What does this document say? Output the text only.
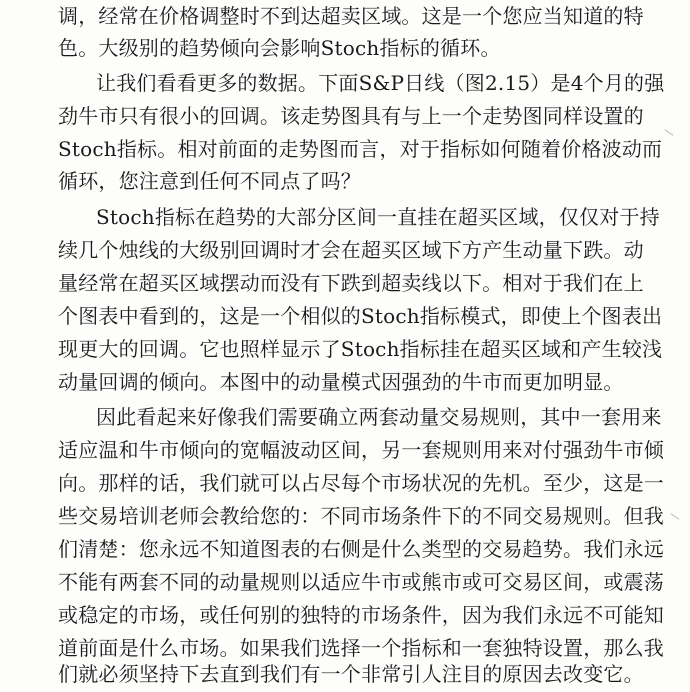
调，经常在价格调整时不到达超卖区域。这是一个您应当知道的特
色。大级别的趋势倾向会影响Stoch指标的循环。
让我们看看更多的数据。下面S&P日线（图2.15）是4个月的强
劲牛市只有很小的回调。该走势图具有与上一个走势图同样设置的
Stoch指标。相对前面的走势图而言，对于指标如何随着价格波动而
循环，您注意到任何不同点了吗？
Stoch指标在趋势的大部分区间一直挂在超买区域，仅仅对于持
续几个烛线的大级别回调时才会在超买区域下方产生动量下跌。动
量经常在超买区域摆动而没有下跌到超卖线以下。相对于我们在上
个图表中看到的，这是一个相似的Stoch指标模式，即使上个图表出
现更大的回调。它也照样显示了Stoch指标挂在超买区域和产生较浅
动量回调的倾向。本图中的动量模式因强劲的牛市而更加明显。
因此看起来好像我们需要确立两套动量交易规则，其中一套用来
适应温和牛市倾向的宽幅波动区间，另一套规则用来对付强劲牛市倾
向。那样的话，我们就可以占尽每个市场状况的先机。至少，这是一
些交易培训老师会教给您的：不同市场条件下的不同交易规则。但我
们清楚：您永远不知道图表的右侧是什么类型的交易趋势。我们永远
不能有两套不同的动量规则以适应牛市或熊市或可交易区间，或震荡
或稳定的市场，或任何别的独特的市场条件，因为我们永远不可能知
道前面是什么市场。如果我们选择一个指标和一套独特设置，那么我
们就必须坚持下去直到我们有一个非常引人注目的原因去改变它。
